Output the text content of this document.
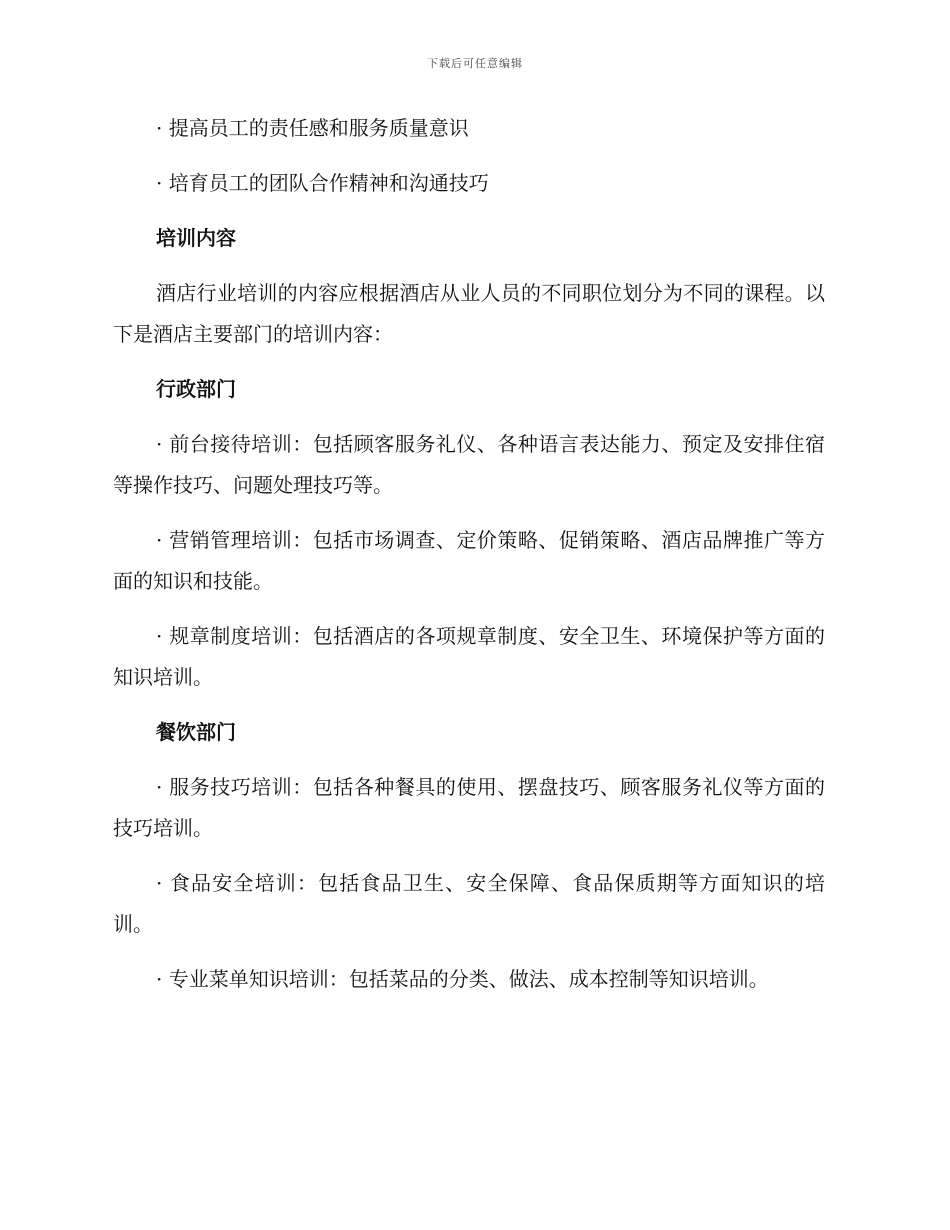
下载后可任意编辑

· 提高员工的责任感和服务质量意识

· 培育员工的团队合作精神和沟通技巧

培训内容

酒店行业培训的内容应根据酒店从业人员的不同职位划分为不同的课程。以下是酒店主要部门的培训内容：

行政部门

· 前台接待培训：包括顾客服务礼仪、各种语言表达能力、预定及安排住宿等操作技巧、问题处理技巧等。

· 营销管理培训：包括市场调查、定价策略、促销策略、酒店品牌推广等方面的知识和技能。

· 规章制度培训：包括酒店的各项规章制度、安全卫生、环境保护等方面的知识培训。

餐饮部门

· 服务技巧培训：包括各种餐具的使用、摆盘技巧、顾客服务礼仪等方面的技巧培训。

· 食品安全培训：包括食品卫生、安全保障、食品保质期等方面知识的培训。

· 专业菜单知识培训：包括菜品的分类、做法、成本控制等知识培训。
